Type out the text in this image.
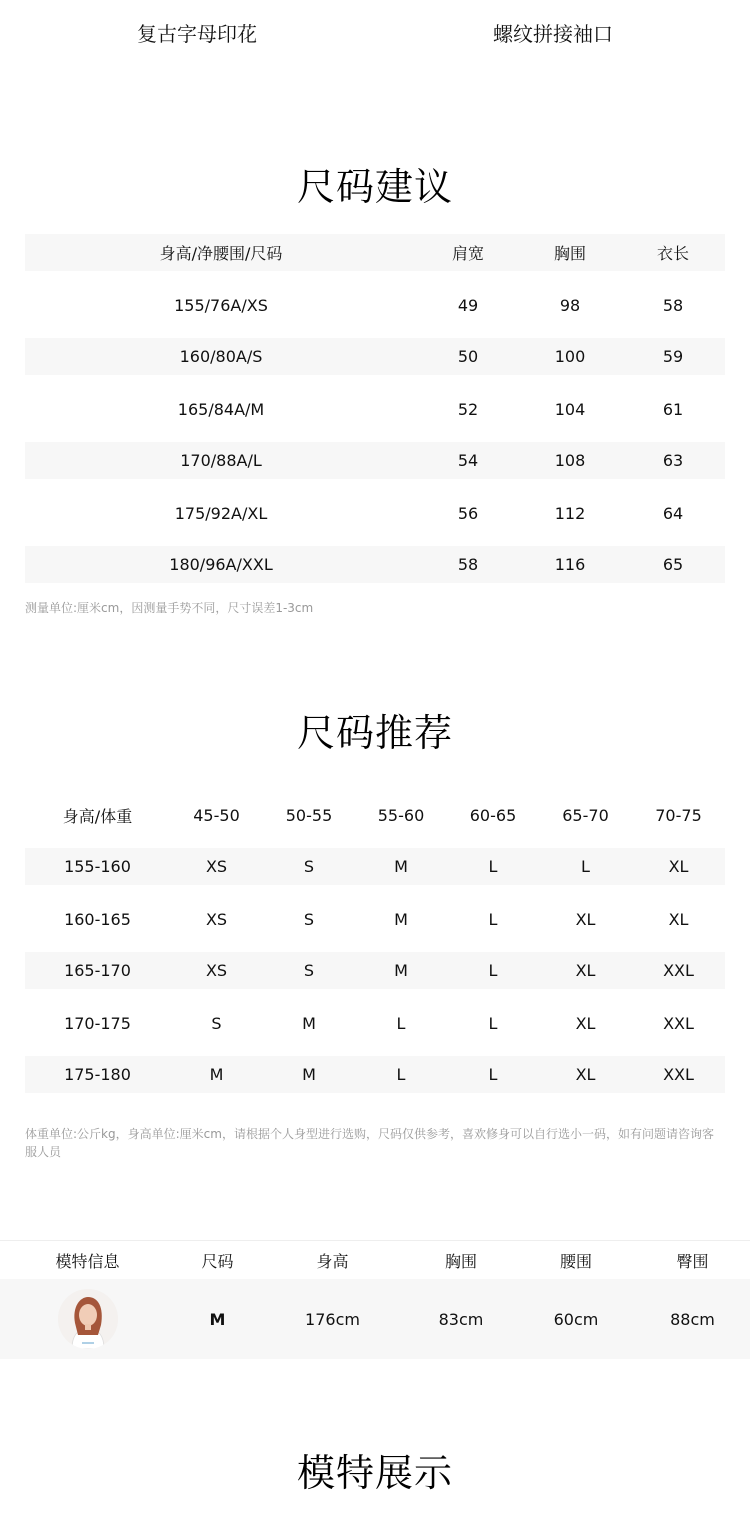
复古字母印花	螺纹拼接袖口
尺码建议
身高/净腰围/尺码	肩宽	胸围	衣长
155/76A/XS	49	98	58
160/80A/S	50	100	59
165/84A/M	52	104	61
170/88A/L	54	108	63
175/92A/XL	56	112	64
180/96A/XXL	58	116	65
测量单位:厘米cm，因测量手势不同，尺寸误差1-3cm
尺码推荐
身高/体重	45-50	50-55	55-60	60-65	65-70	70-75
155-160	XS	S	M	L	L	XL
160-165	XS	S	M	L	XL	XL
165-170	XS	S	M	L	XL	XXL
170-175	S	M	L	L	XL	XXL
175-180	M	M	L	L	XL	XXL
体重单位:公斤kg，身高单位:厘米cm，请根据个人身型进行选购，尺码仅供参考，喜欢修身可以自行选小一码，如有问题请咨询客服人员
模特信息	尺码	身高	胸围	腰围	臀围
	M	176cm	83cm	60cm	88cm
模特展示
